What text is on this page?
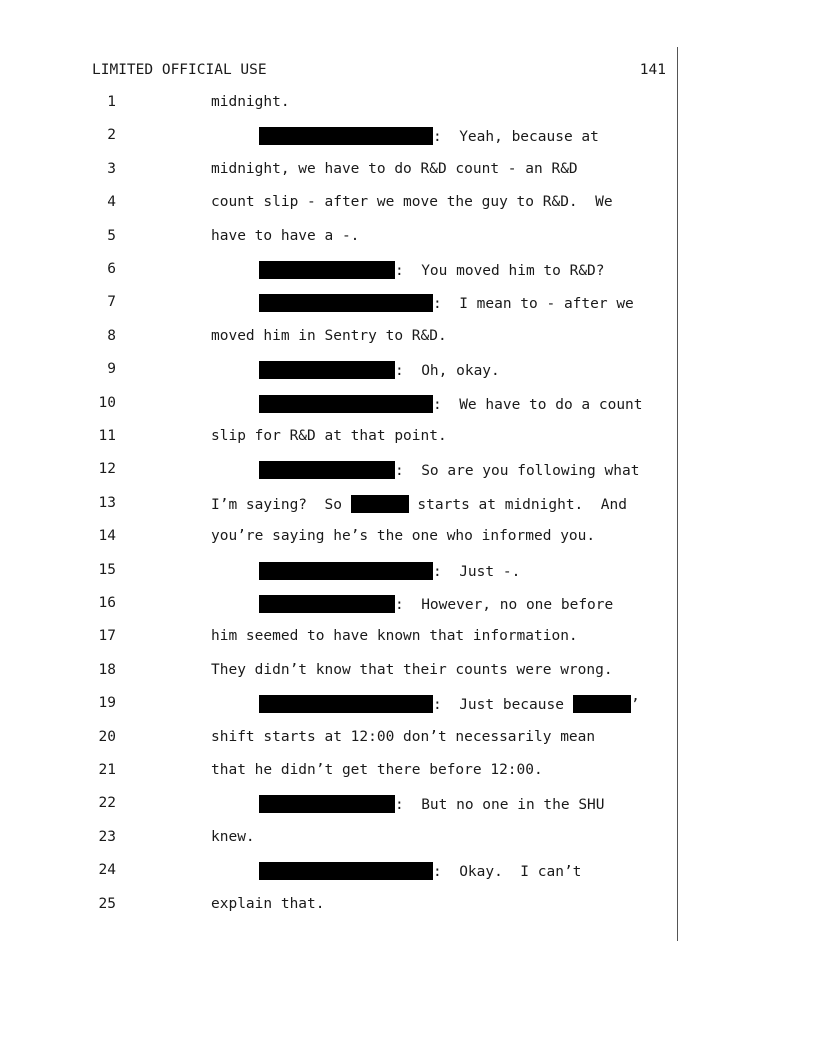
LIMITED OFFICIAL USE	141
1	midnight.
2	:  Yeah, because at
3	midnight, we have to do R&D count - an R&D
4	count slip - after we move the guy to R&D.  We
5	have to have a -.
6	:  You moved him to R&D?
7	:  I mean to - after we
8	moved him in Sentry to R&D.
9	:  Oh, okay.
10	:  We have to do a count
11	slip for R&D at that point.
12	:  So are you following what
13	I’m saying?  So	starts at midnight.  And
14	you’re saying he’s the one who informed you.
15	:  Just -.
16	:  However, no one before
17	him seemed to have known that information.
18	They didn’t know that their counts were wrong.
19	:  Just because	’
20	shift starts at 12:00 don’t necessarily mean
21	that he didn’t get there before 12:00.
22	:  But no one in the SHU
23	knew.
24	:  Okay.  I can’t
25	explain that.
